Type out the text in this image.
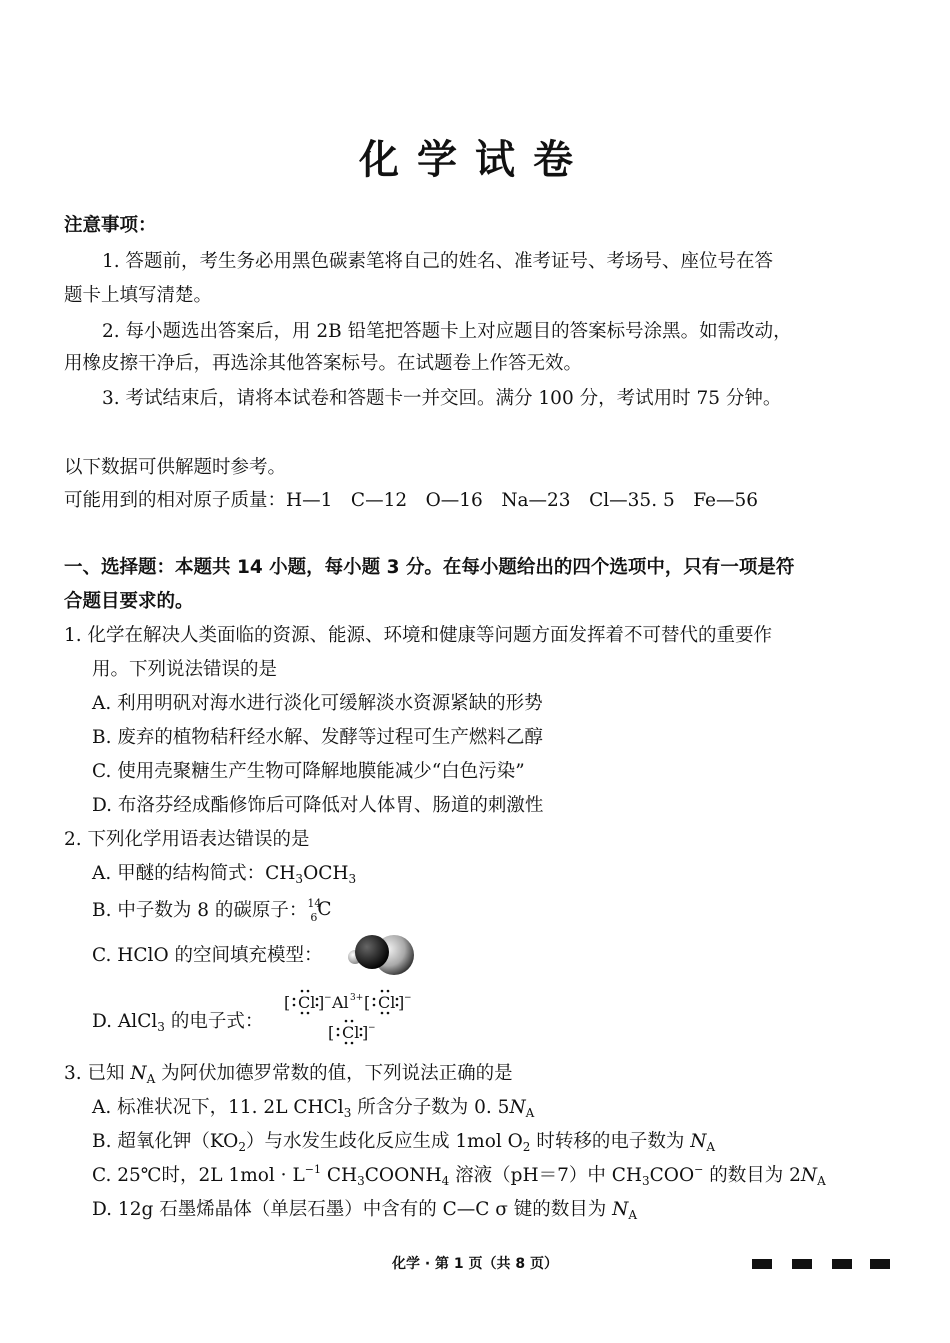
化学试卷
注意事项：
1. 答题前，考生务必用黑色碳素笔将自己的姓名、准考证号、考场号、座位号在答
题卡上填写清楚。
2. 每小题选出答案后，用 2B 铅笔把答题卡上对应题目的答案标号涂黑。如需改动，
用橡皮擦干净后，再选涂其他答案标号。在试题卷上作答无效。
3. 考试结束后，请将本试卷和答题卡一并交回。满分 100 分，考试用时 75 分钟。
以下数据可供解题时参考。
可能用到的相对原子质量：H—1　C—12　O—16　Na—23　Cl—35. 5　Fe—56
一、选择题：本题共 14 小题，每小题 3 分。在每小题给出的四个选项中，只有一项是符
合题目要求的。
1. 化学在解决人类面临的资源、能源、环境和健康等问题方面发挥着不可替代的重要作
用。下列说法错误的是
A. 利用明矾对海水进行淡化可缓解淡水资源紧缺的形势
B. 废弃的植物秸秆经水解、发酵等过程可生产燃料乙醇
C. 使用壳聚糖生产生物可降解地膜能减少“白色污染”
D. 布洛芬经成酯修饰后可降低对人体胃、肠道的刺激性
2. 下列化学用语表达错误的是
A. 甲醚的结构简式：$CH_3OCH_3$
B. 中子数为 8 的碳原子： 14
6 C
C. HClO 的空间填充模型：
D. AlCl$_3$ 的电子式：
[ Cl ] − Al 3+ [ Cl ] −
[ Cl ] −
3. 已知 $N_A$ 为阿伏加德罗常数的值，下列说法正确的是
A. 标准状况下，11. 2L CHCl$_3$ 所含分子数为 0. $5N_A$
B. 超氧化钾$(KO_2)$与水发生歧化反应生成 1mol $O_2$ 时转移的电子数为 $N_A$
C. 25℃时，2L $1mol \cdot L^{-1}$ $CH_3COONH_4$ 溶液（pH＝7）中 $CH_3COO^-$ 的数目为 $2N_A$
D. 12g 石墨烯晶体（单层石墨）中含有的 C—C σ 键的数目为 $N_A$
化学 · 第 1 页（共 8 页）
